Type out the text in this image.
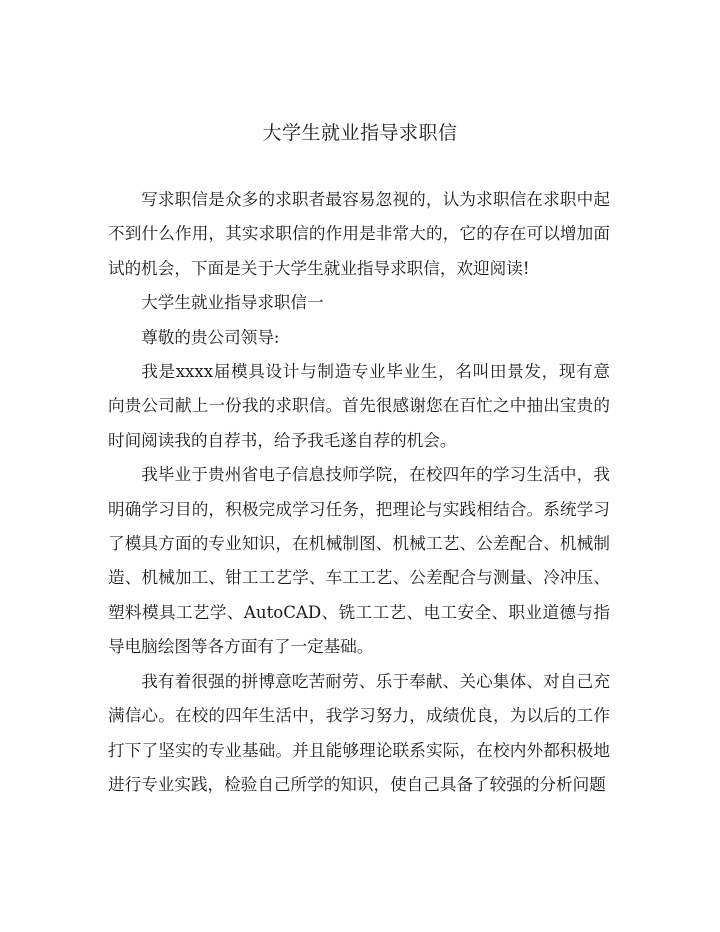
大学生就业指导求职信

写求职信是众多的求职者最容易忽视的，认为求职信在求职中起不到什么作用，其实求职信的作用是非常大的，它的存在可以增加面试的机会，下面是关于大学生就业指导求职信，欢迎阅读!

大学生就业指导求职信一

尊敬的贵公司领导:

我是xxxx届模具设计与制造专业毕业生，名叫田景发，现有意向贵公司献上一份我的求职信。首先很感谢您在百忙之中抽出宝贵的时间阅读我的自荐书，给予我毛遂自荐的机会。

我毕业于贵州省电子信息技师学院，在校四年的学习生活中，我明确学习目的，积极完成学习任务，把理论与实践相结合。系统学习了模具方面的专业知识，在机械制图、机械工艺、公差配合、机械制造、机械加工、钳工工艺学、车工工艺、公差配合与测量、冷冲压、塑料模具工艺学、AutoCAD、铣工工艺、电工安全、职业道德与指导电脑绘图等各方面有了一定基础。

我有着很强的拼博意吃苦耐劳、乐于奉献、关心集体、对自己充满信心。在校的四年生活中，我学习努力，成绩优良，为以后的工作打下了坚实的专业基础。并且能够理论联系实际，在校内外都积极地进行专业实践，检验自己所学的知识，使自己具备了较强的分析问题
